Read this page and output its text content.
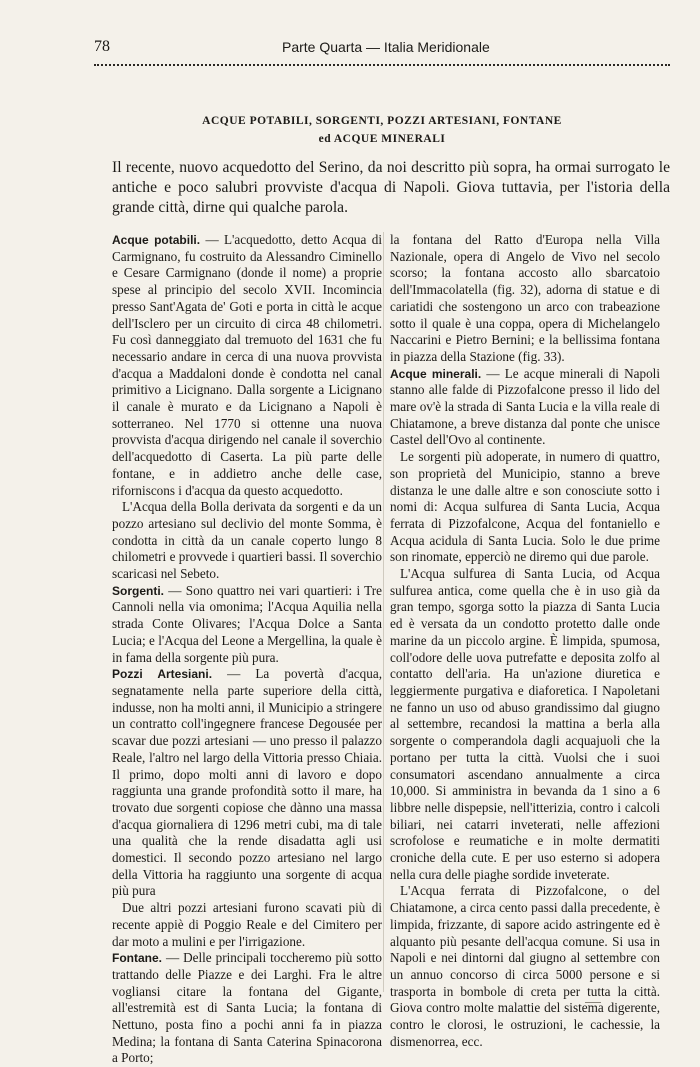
78	Parte Quarta — Italia Meridionale
ACQUE POTABILI, SORGENTI, POZZI ARTESIANI, FONTANE
ed ACQUE MINERALI

Il recente, nuovo acquedotto del Serino, da noi descritto più sopra, ha ormai surrogato le antiche e poco salubri provviste d'acqua di Napoli. Giova tuttavia, per l'istoria della grande città, dirne qui qualche parola.

Acque potabili. — L'acquedotto, detto Acqua di Carmignano, fu costruito da Alessandro Ciminello e Cesare Carmignano (donde il nome) a proprie spese al principio del secolo XVII. Incomincia presso Sant'Agata de' Goti e porta in città le acque dell'Isclero per un circuito di circa 48 chilometri. Fu così danneggiato dal tremuoto del 1631 che fu necessario andare in cerca di una nuova provvista d'acqua a Maddaloni donde è condotta nel canal primitivo a Licignano. Dalla sorgente a Licignano il canale è murato e da Licignano a Napoli è sotterraneo. Nel 1770 si ottenne una nuova provvista d'acqua dirigendo nel canale il soverchio dell'acquedotto di Caserta. La più parte delle fontane, e in addietro anche delle case, riforniscons i d'acqua da questo acquedotto.

L'Acqua della Bolla derivata da sorgenti e da un pozzo artesiano sul declivio del monte Somma, è condotta in città da un canale coperto lungo 8 chilometri e provvede i quartieri bassi. Il soverchio scaricasi nel Sebeto.

Sorgenti. — Sono quattro nei vari quartieri: i Tre Cannoli nella via omonima; l'Acqua Aquilia nella strada Conte Olivares; l'Acqua Dolce a Santa Lucia; e l'Acqua del Leone a Mergellina, la quale è in fama della sorgente più pura.

Pozzi Artesiani. — La povertà d'acqua, segnatamente nella parte superiore della città, indusse, non ha molti anni, il Municipio a stringere un contratto coll'ingegnere francese Degousée per scavar due pozzi artesiani — uno presso il palazzo Reale, l'altro nel largo della Vittoria presso Chiaia. Il primo, dopo molti anni di lavoro e dopo raggiunta una grande profondità sotto il mare, ha trovato due sorgenti copiose che dànno una massa d'acqua giornaliera di 1296 metri cubi, ma di tale una qualità che la rende disadatta agli usi domestici. Il secondo pozzo artesiano nel largo della Vittoria ha raggiunto una sorgente di acqua più pura

Due altri pozzi artesiani furono scavati più di recente appiè di Poggio Reale e del Cimitero per dar moto a mulini e per l'irrigazione.

Fontane. — Delle principali toccheremo più sotto trattando delle Piazze e dei Larghi. Fra le altre vogliansi citare la fontana del Gigante, all'estremità est di Santa Lucia; la fontana di Nettuno, posta fino a pochi anni fa in piazza Medina; la fontana di Santa Caterina Spinacorona a Porto;

la fontana del Ratto d'Europa nella Villa Nazionale, opera di Angelo de Vivo nel secolo scorso; la fontana accosto allo sbarcatoio dell'Immacolatella (fig. 32), adorna di statue e di cariatidi che sostengono un arco con trabeazione sotto il quale è una coppa, opera di Michelangelo Naccarini e Pietro Bernini; e la bellissima fontana in piazza della Stazione (fig. 33).

Acque minerali. — Le acque minerali di Napoli stanno alle falde di Pizzofalcone presso il lido del mare ov'è la strada di Santa Lucia e la villa reale di Chiatamone, a breve distanza dal ponte che unisce Castel dell'Ovo al continente.

Le sorgenti più adoperate, in numero di quattro, son proprietà del Municipio, stanno a breve distanza le une dalle altre e son conosciute sotto i nomi di: Acqua sulfurea di Santa Lucia, Acqua ferrata di Pizzofalcone, Acqua del fontaniello e Acqua acidula di Santa Lucia. Solo le due prime son rinomate, epperciò ne diremo qui due parole.

L'Acqua sulfurea di Santa Lucia, od Acqua sulfurea antica, come quella che è in uso già da gran tempo, sgorga sotto la piazza di Santa Lucia ed è versata da un condotto protetto dalle onde marine da un piccolo argine. È limpida, spumosa, coll'odore delle uova putrefatte e deposita zolfo al contatto dell'aria. Ha un'azione diuretica e leggiermente purgativa e diaforetica. I Napoletani ne fanno un uso od abuso grandissimo dal giugno al settembre, recandosi la mattina a berla alla sorgente o comperandola dagli acquajuoli che la portano per tutta la città. Vuolsi che i suoi consumatori ascendano annualmente a circa 10,000. Si amministra in bevanda da 1 sino a 6 libbre nelle dispepsie, nell'itterizia, contro i calcoli biliari, nei catarri inveterati, nelle affezioni scrofolose e reumatiche e in molte dermatiti croniche della cute. E per uso esterno si adopera nella cura delle piaghe sordide inveterate.

L'Acqua ferrata di Pizzofalcone, o del Chiatamone, a circa cento passi dalla precedente, è limpida, frizzante, di sapore acido astringente ed è alquanto più pesante dell'acqua comune. Si usa in Napoli e nei dintorni dal giugno al settembre con un annuo concorso di circa 5000 persone e si trasporta in bombole di creta per tutta la città. Giova contro molte malattie del sistema digerente, contro le clorosi, le ostruzioni, le cachessie, la dismenorrea, ecc.
